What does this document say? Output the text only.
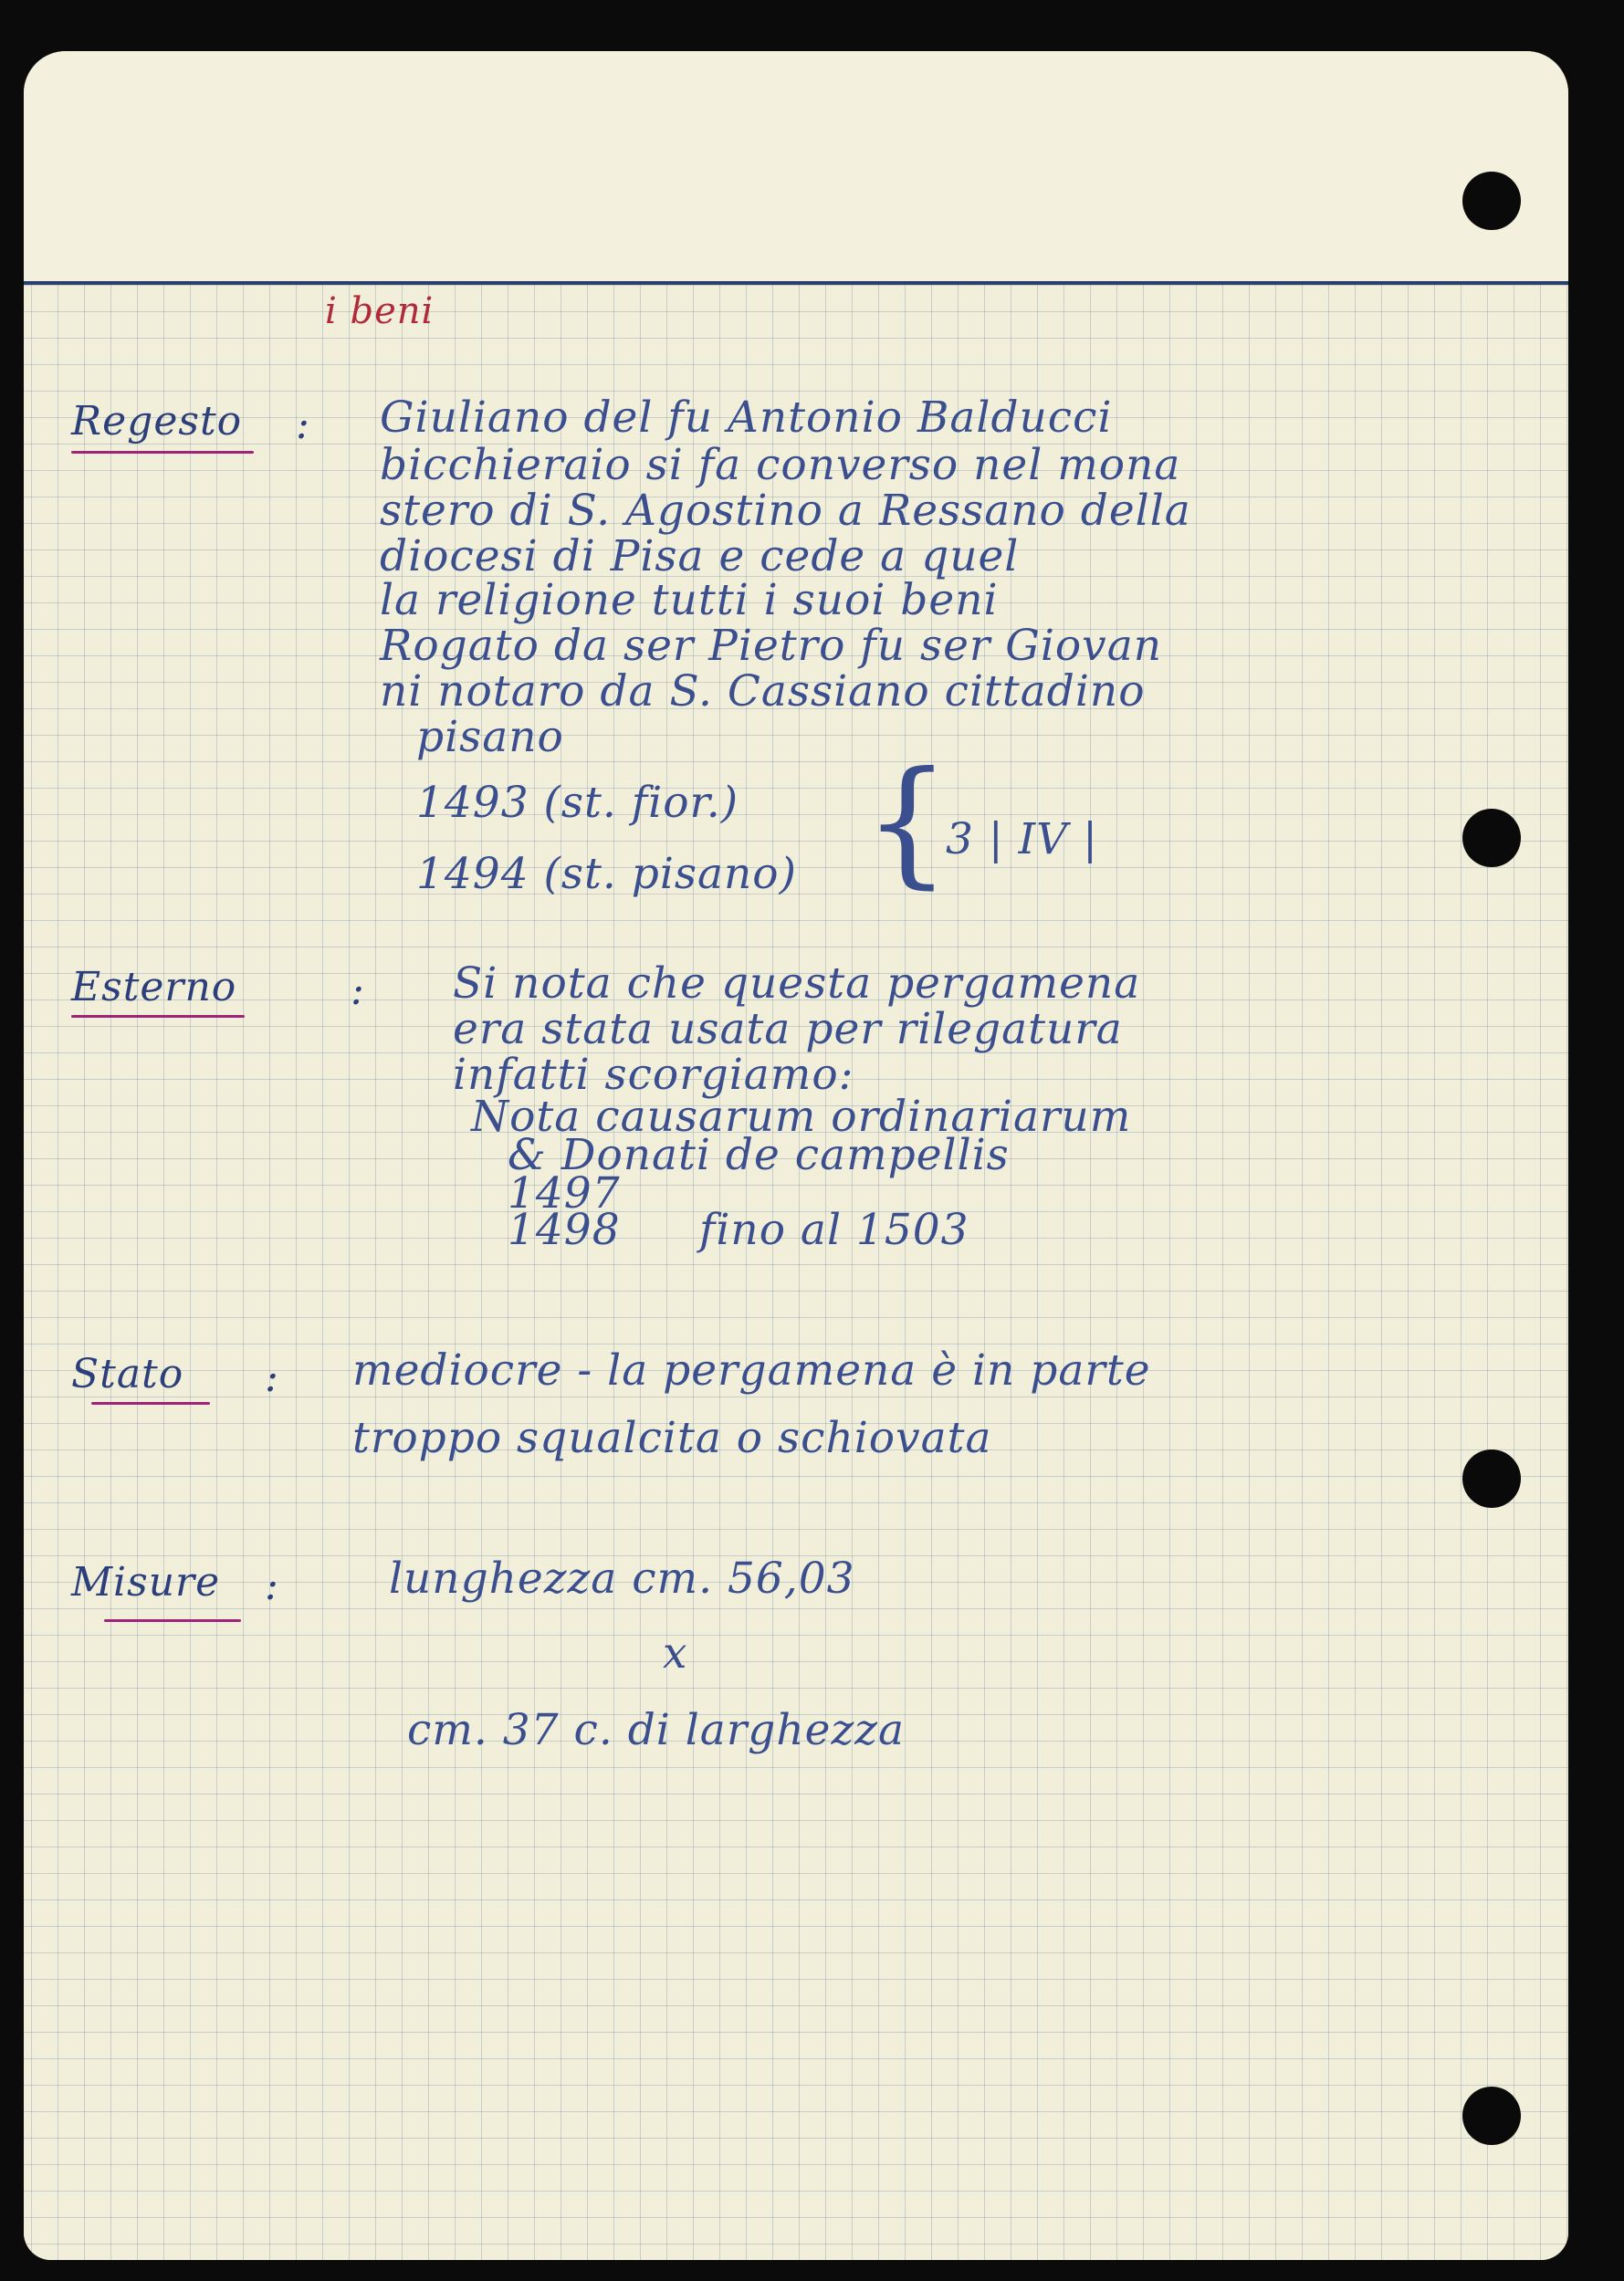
i beni
Regesto : Giuliano del fu Antonio Balducci
bicchieraio si fa converso nel mona
stero di S. Agostino a Ressano della
diocesi di Pisa e cede a quel
la religione tutti i suoi beni
Rogato da ser Pietro fu ser Giovan
ni notaro da S. Cassiano cittadino
pisano
1493 (st. fior.)
1494 (st. pisano) {
3 | IV |
Esterno	: Si nota che questa pergamena
era stata usata per rilegatura
infatti scorgiamo:
Nota causarum ordinariarum
& Donati de campellis
1497
1498 fino al 1503
Stato : mediocre - la pergamena è in parte
troppo squalcita o schiovata
Misure :	lunghezza cm. 56,03
x
cm. 37 c. di larghezza
